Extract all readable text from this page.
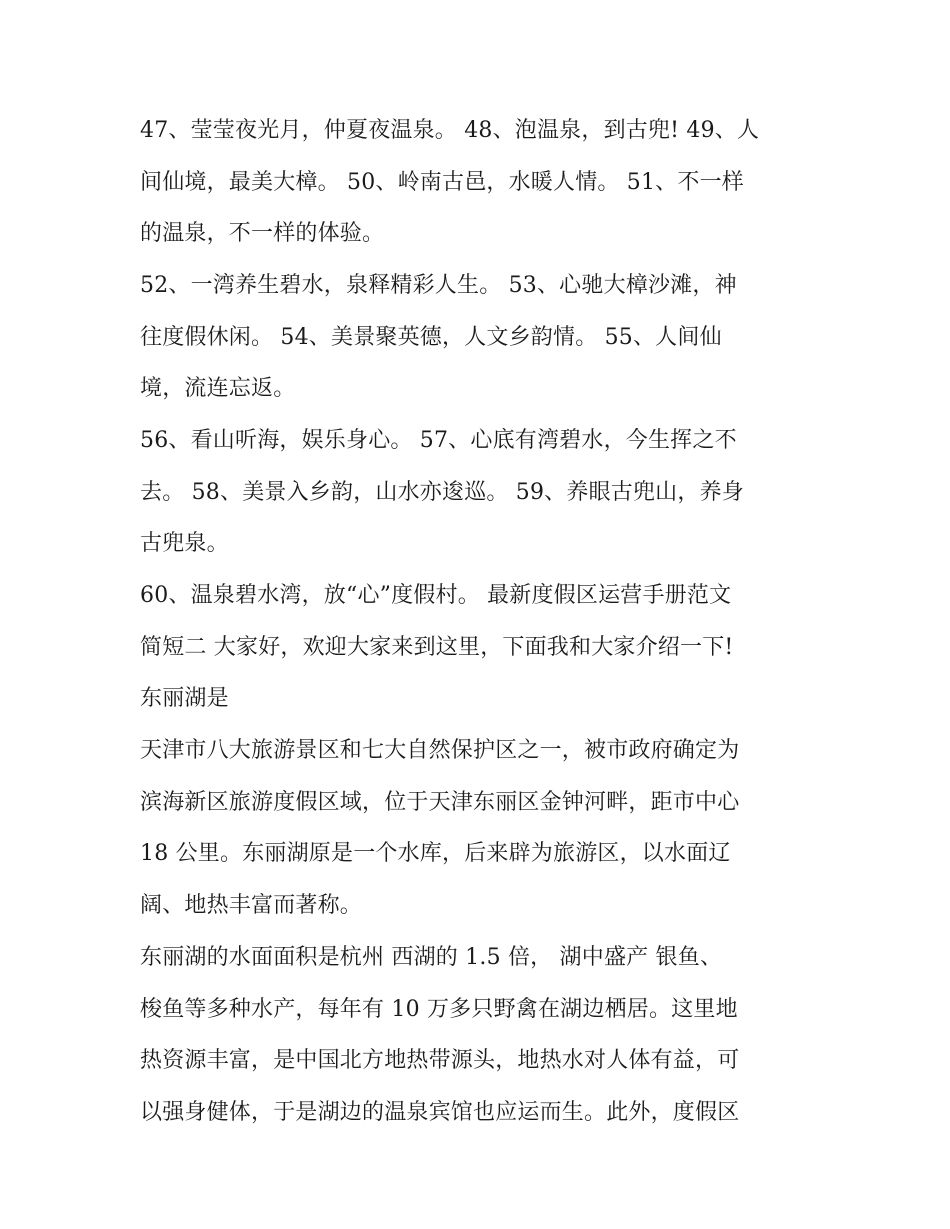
47、莹莹夜光月，仲夏夜温泉。 48、泡温泉，到古兜! 49、人
间仙境，最美大樟。 50、岭南古邑，水暖人情。 51、不一样
的温泉，不一样的体验。
52、一湾养生碧水，泉释精彩人生。 53、心驰大樟沙滩，神
往度假休闲。 54、美景聚英德，人文乡韵情。 55、人间仙
境，流连忘返。
56、看山听海，娱乐身心。 57、心底有湾碧水，今生挥之不
去。 58、美景入乡韵，山水亦逡巡。 59、养眼古兜山，养身
古兜泉。
60、温泉碧水湾，放“心”度假村。 最新度假区运营手册范文
简短二 大家好，欢迎大家来到这里，下面我和大家介绍一下!
东丽湖是
天津市八大旅游景区和七大自然保护区之一，被市政府确定为
滨海新区旅游度假区域，位于天津东丽区金钟河畔，距市中心
18 公里。东丽湖原是一个水库，后来辟为旅游区，以水面辽
阔、地热丰富而著称。
东丽湖的水面面积是杭州 西湖的 1.5 倍， 湖中盛产 银鱼、
梭鱼等多种水产，每年有 10 万多只野禽在湖边栖居。这里地
热资源丰富，是中国北方地热带源头，地热水对人体有益，可
以强身健体，于是湖边的温泉宾馆也应运而生。此外，度假区
